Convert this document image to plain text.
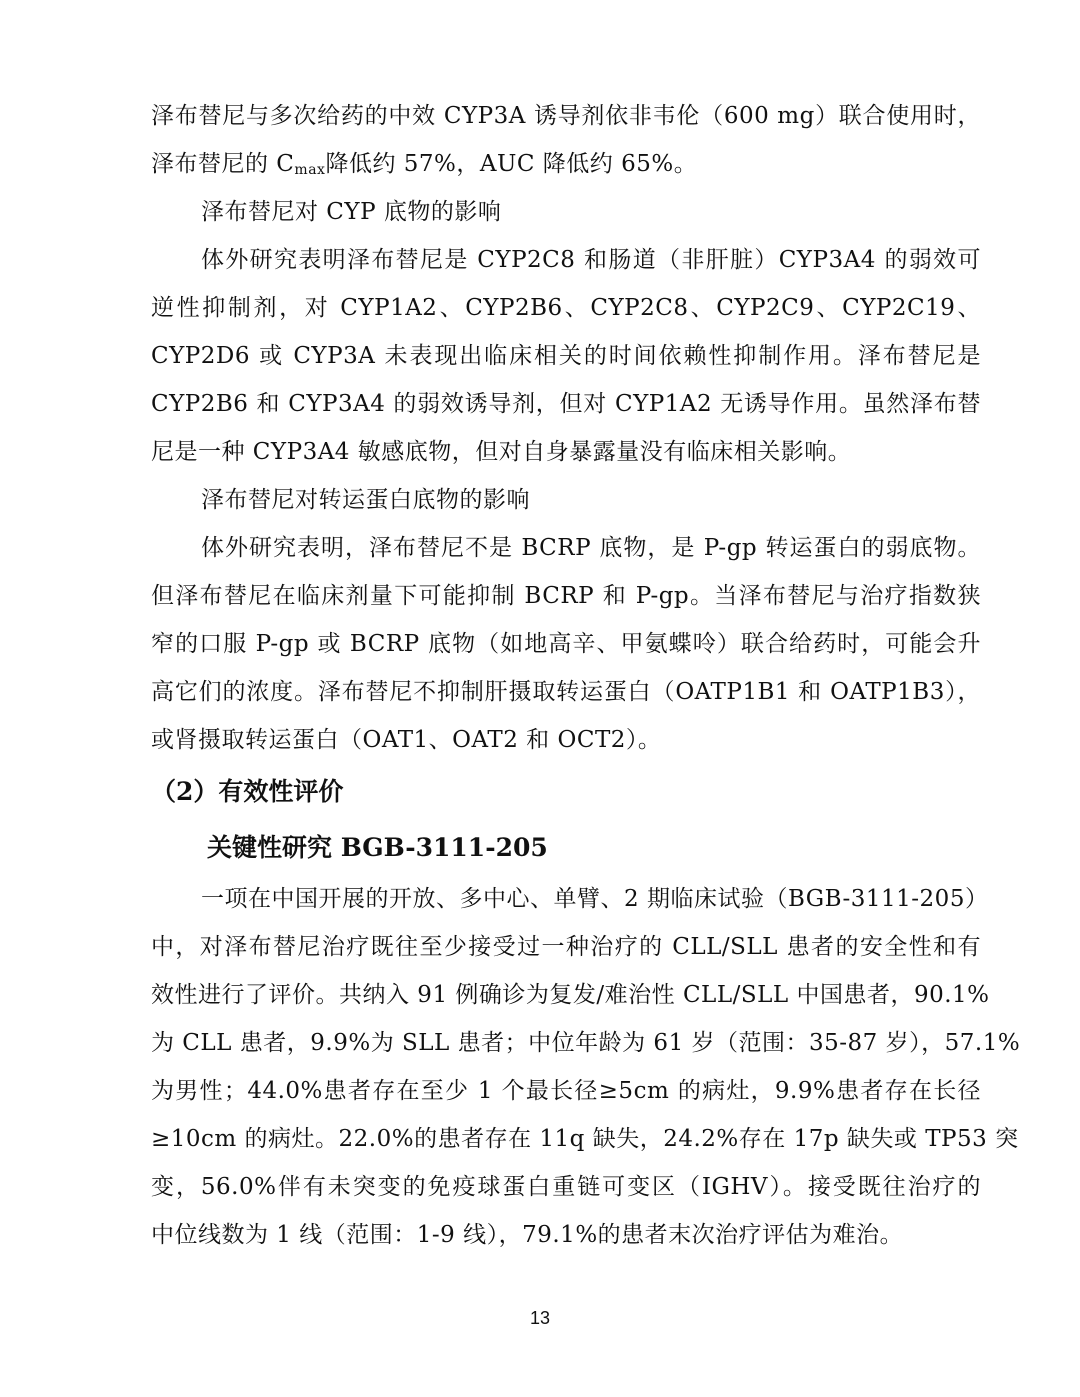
泽布替尼与多次给药的中效 CYP3A 诱导剂依非韦伦（600 mg）联合使用时，
泽布替尼的 $C_{max}$降低约 57%，AUC 降低约 65%。
泽布替尼对 CYP 底物的影响
体外研究表明泽布替尼是 CYP2C8 和肠道（非肝脏）CYP3A4 的弱效可
逆性抑制剂，对 CYP1A2、CYP2B6、CYP2C8、CYP2C9、CYP2C19、
CYP2D6 或 CYP3A 未表现出临床相关的时间依赖性抑制作用。泽布替尼是
CYP2B6 和 CYP3A4 的弱效诱导剂，但对 CYP1A2 无诱导作用。虽然泽布替
尼是一种 CYP3A4 敏感底物，但对自身暴露量没有临床相关影响。
泽布替尼对转运蛋白底物的影响
体外研究表明，泽布替尼不是 BCRP 底物，是 P-gp 转运蛋白的弱底物。
但泽布替尼在临床剂量下可能抑制 BCRP 和 P-gp。当泽布替尼与治疗指数狭
窄的口服 P-gp 或 BCRP 底物（如地高辛、甲氨蝶呤）联合给药时，可能会升
高它们的浓度。泽布替尼不抑制肝摄取转运蛋白（OATP1B1 和 OATP1B3），
或肾摄取转运蛋白（OAT1、OAT2 和 OCT2）。
（2）有效性评价
关键性研究 BGB-3111-205
一项在中国开展的开放、多中心、单臂、2 期临床试验（BGB-3111-205）
中，对泽布替尼治疗既往至少接受过一种治疗的 CLL/SLL 患者的安全性和有
效性进行了评价。共纳入 91 例确诊为复发/难治性 CLL/SLL 中国患者，90.1%
为 CLL 患者，9.9%为 SLL 患者；中位年龄为 61 岁（范围：35-87 岁），57.1%
为男性；44.0%患者存在至少 1 个最长径≥5cm 的病灶，9.9%患者存在长径
≥10cm 的病灶。22.0%的患者存在 11q 缺失，24.2%存在 17p 缺失或 TP53 突
变，56.0%伴有未突变的免疫球蛋白重链可变区（IGHV）。接受既往治疗的
中位线数为 1 线（范围：1-9 线），79.1%的患者末次治疗评估为难治。
13
